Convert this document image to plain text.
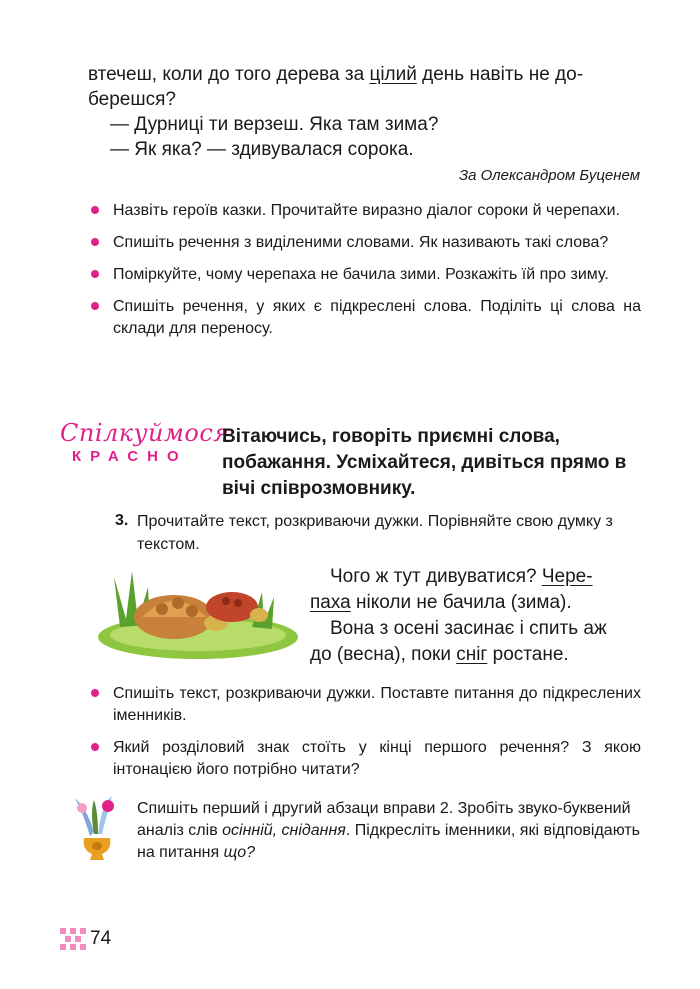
втечеш, коли до того дерева за цілий день навіть не до-

берешся?

— Дурниці ти верзеш. Яка там зима?

— Як яка? — здивувалася сорока.

За Олександром Буценем
Назвіть героїв казки. Прочитайте виразно діалог сороки й черепахи.
Спишіть речення з виділеними словами. Як називають такі слова?
Поміркуйте, чому черепаха не бачила зими. Розкажіть їй про зиму.
Спишіть речення, у яких є підкреслені слова. Поділіть ці слова на склади для переносу.
Спілкуймося
КРАСНО
Вітаючись, говоріть приємні слова, побажання. Усміхайтеся, дивіться прямо в вічі співрозмовнику.
3. Прочитайте текст, розкриваючи дужки. Порівняйте свою думку з текстом.

Чого ж тут дивуватися? Чере-

паха ніколи не бачила (зима).

Вона з осені засинає і спить аж

до (весна), поки сніг ростане.

Спишіть текст, розкриваючи дужки. Поставте питання до підкреслених іменників.
Який розділовий знак стоїть у кінці першого речення? З якою інтонацією його потрібно читати?
Спишіть перший і другий абзаци вправи 2. Зробіть звуко-буквений аналіз слів осінній, снідання. Підкресліть іменники, які відповідають на питання що?
74
